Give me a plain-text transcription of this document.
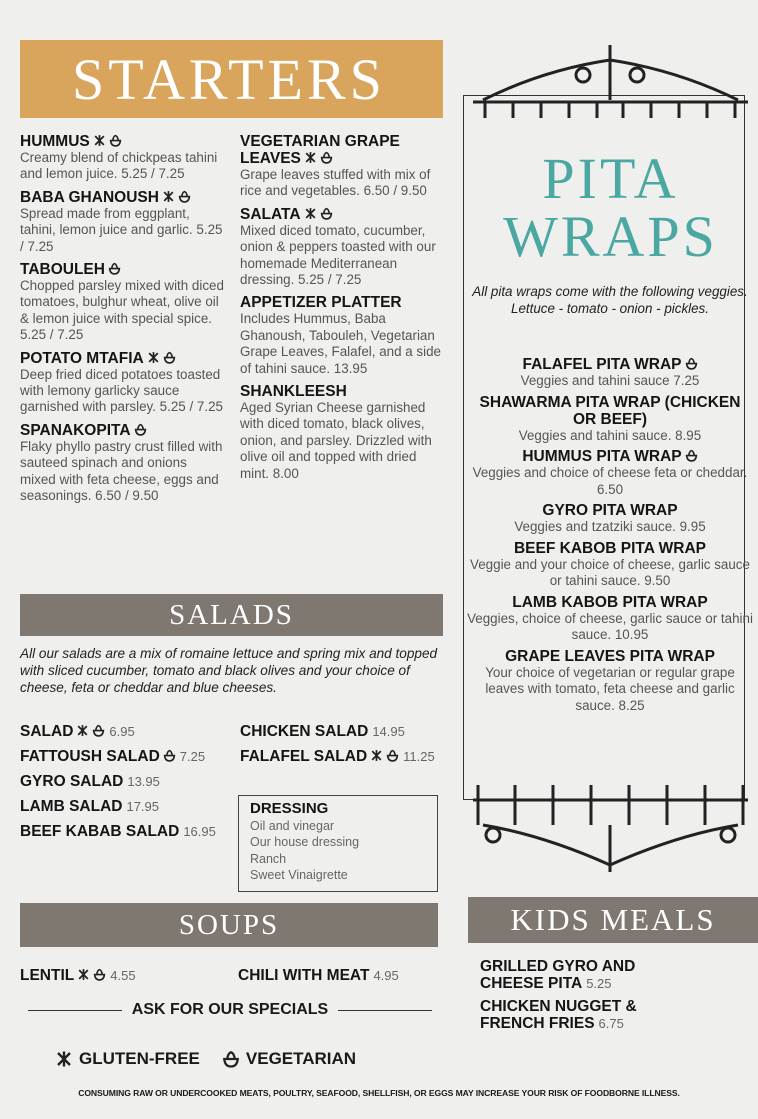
STARTERS
HUMMUS
Creamy blend of chickpeas tahini and lemon juice. 5.25 / 7.25
BABA GHANOUSH
Spread made from eggplant, tahini, lemon juice and garlic. 5.25 / 7.25
TABOULEH
Chopped parsley mixed with diced tomatoes, bulghur wheat, olive oil & lemon juice with special spice. 5.25 / 7.25
POTATO MTAFIA
Deep fried diced potatoes toasted with lemony garlicky sauce garnished with parsley. 5.25 / 7.25
SPANAKOPITA
Flaky phyllo pastry crust filled with sauteed spinach and onions mixed with feta cheese, eggs and seasonings. 6.50 / 9.50
VEGETARIAN GRAPE LEAVES
Grape leaves stuffed with mix of rice and vegetables. 6.50 / 9.50
SALATA
Mixed diced tomato, cucumber, onion & peppers toasted with our homemade Mediterranean dressing. 5.25 / 7.25
APPETIZER PLATTER
Includes Hummus, Baba Ghanoush, Tabouleh, Vegetarian Grape Leaves, Falafel, and a side of tahini sauce. 13.95
SHANKLEESH
Aged Syrian Cheese garnished with diced tomato, black olives, onion, and parsley. Drizzled with olive oil and topped with dried mint. 8.00
PITA
WRAPS
All pita wraps come with the following veggies. Lettuce - tomato - onion - pickles.
FALAFEL PITA WRAP
Veggies and tahini sauce 7.25
SHAWARMA PITA WRAP (CHICKEN OR BEEF)
Veggies and tahini sauce. 8.95
HUMMUS PITA WRAP
Veggies and choice of cheese feta or cheddar. 6.50
GYRO PITA WRAP
Veggies and tzatziki sauce. 9.95
BEEF KABOB PITA WRAP
Veggie and your choice of cheese, garlic sauce or tahini sauce. 9.50
LAMB KABOB PITA WRAP
Veggies, choice of cheese, garlic sauce or tahini sauce. 10.95
GRAPE LEAVES PITA WRAP
Your choice of vegetarian or regular grape leaves with tomato, feta cheese and garlic sauce. 8.25
SALADS
All our salads are a mix of romaine lettuce and spring mix and topped with sliced cucumber, tomato and black olives and your choice of cheese, feta or cheddar and blue cheeses.
SALAD	6.95
FATTOUSH SALAD 7.25
GYRO SALAD 13.95
LAMB SALAD 17.95
BEEF KABAB SALAD 16.95
CHICKEN SALAD 14.95
FALAFEL SALAD	11.25
DRESSING
Oil and vinegar
Our house dressing
Ranch
Sweet Vinaigrette
SOUPS
LENTIL	4.55	CHILI WITH MEAT 4.95
ASK FOR OUR SPECIALS
KIDS MEALS
GRILLED GYRO AND CHEESE PITA 5.25
CHICKEN NUGGET & FRENCH FRIES 6.75
GLUTEN-FREE	VEGETARIAN
CONSUMING RAW OR UNDERCOOKED MEATS, POULTRY, SEAFOOD, SHELLFISH, OR EGGS MAY INCREASE YOUR RISK OF FOODBORNE ILLNESS.
